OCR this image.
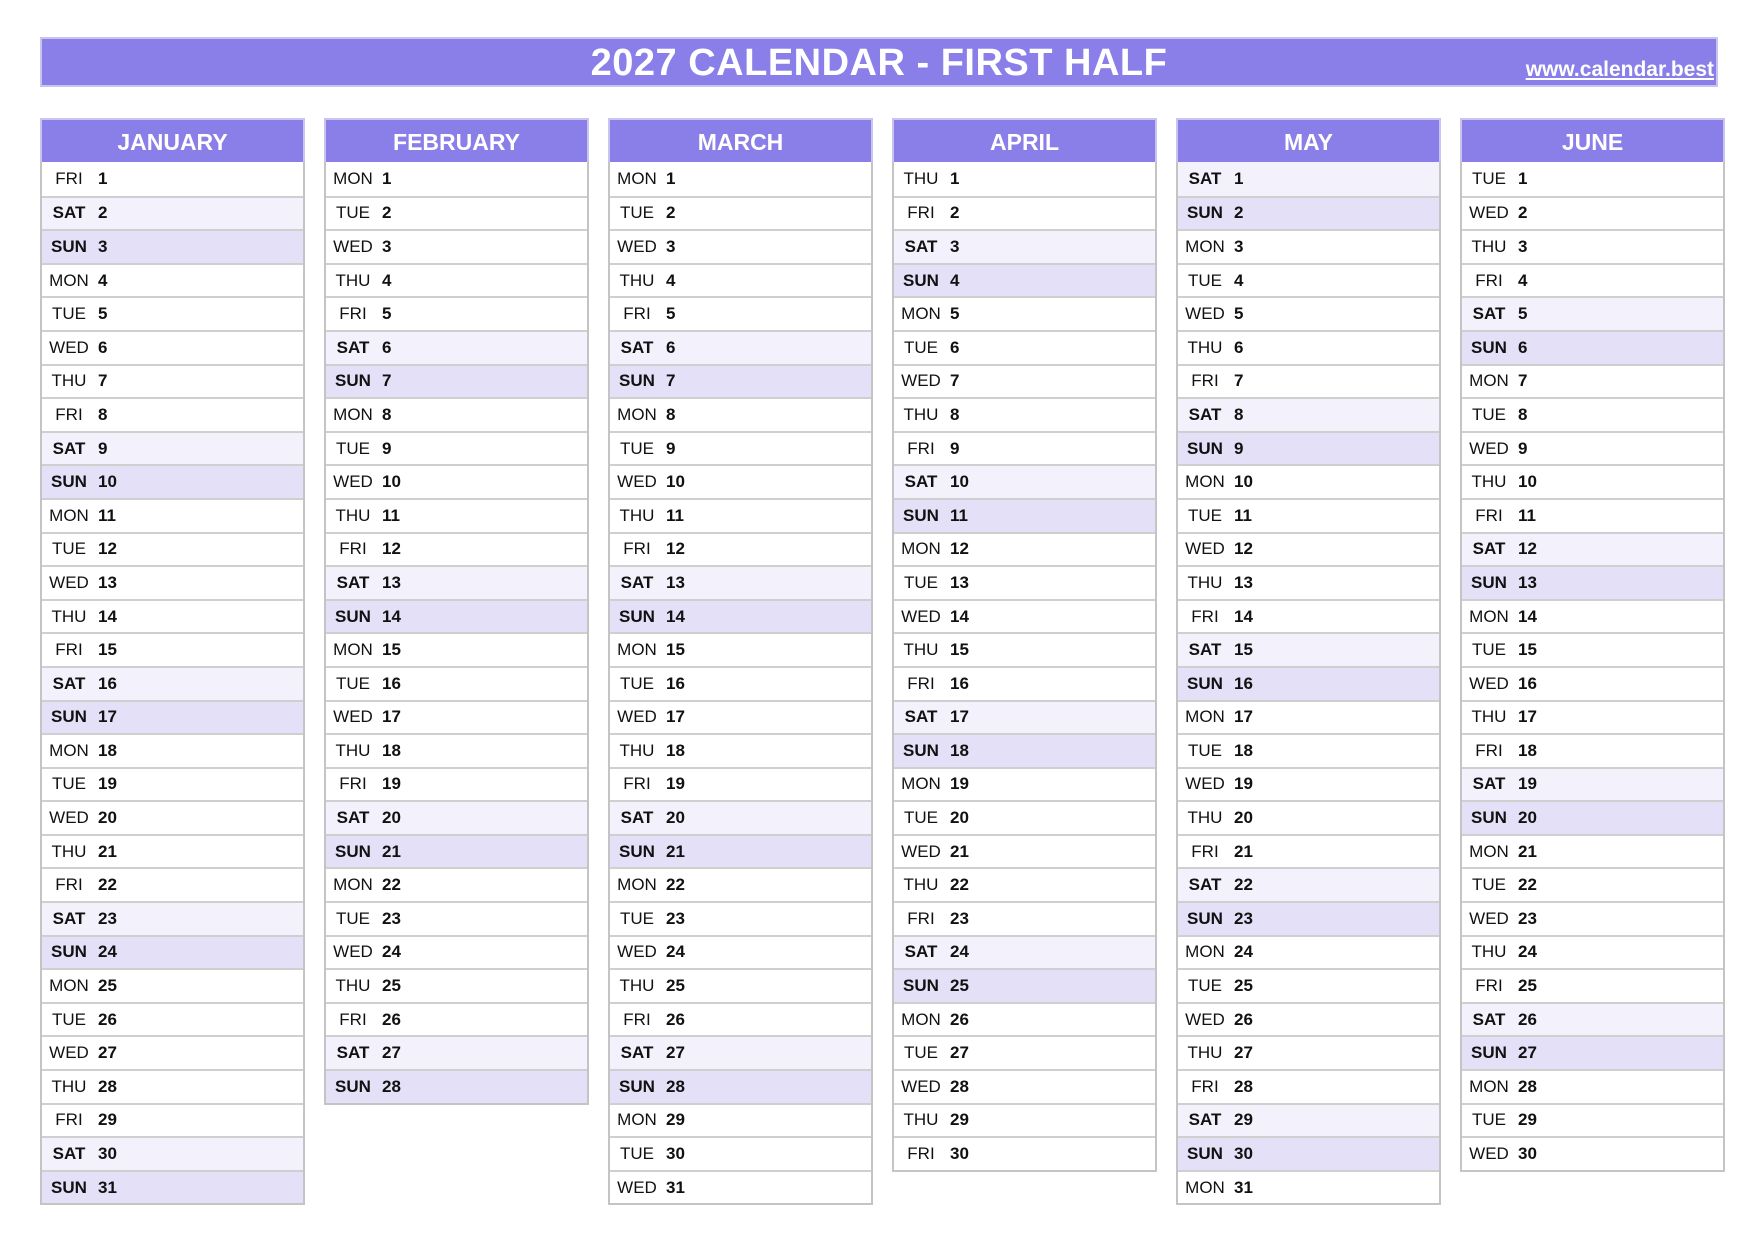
2027 CALENDAR - FIRST HALF	www.calendar.best
JANUARY
FRI 1
SAT 2
SUN 3
MON 4
TUE 5
WED 6
THU 7
FRI 8
SAT 9
SUN 10
MON 11
TUE 12
WED 13
THU 14
FRI 15
SAT 16
SUN 17
MON 18
TUE 19
WED 20
THU 21
FRI 22
SAT 23
SUN 24
MON 25
TUE 26
WED 27
THU 28
FRI 29
SAT 30
SUN 31
FEBRUARY
MON 1
TUE 2
WED 3
THU 4
FRI 5
SAT 6
SUN 7
MON 8
TUE 9
WED 10
THU 11
FRI 12
SAT 13
SUN 14
MON 15
TUE 16
WED 17
THU 18
FRI 19
SAT 20
SUN 21
MON 22
TUE 23
WED 24
THU 25
FRI 26
SAT 27
SUN 28
MARCH
MON 1
TUE 2
WED 3
THU 4
FRI 5
SAT 6
SUN 7
MON 8
TUE 9
WED 10
THU 11
FRI 12
SAT 13
SUN 14
MON 15
TUE 16
WED 17
THU 18
FRI 19
SAT 20
SUN 21
MON 22
TUE 23
WED 24
THU 25
FRI 26
SAT 27
SUN 28
MON 29
TUE 30
WED 31
APRIL
THU 1
FRI 2
SAT 3
SUN 4
MON 5
TUE 6
WED 7
THU 8
FRI 9
SAT 10
SUN 11
MON 12
TUE 13
WED 14
THU 15
FRI 16
SAT 17
SUN 18
MON 19
TUE 20
WED 21
THU 22
FRI 23
SAT 24
SUN 25
MON 26
TUE 27
WED 28
THU 29
FRI 30
MAY
SAT 1
SUN 2
MON 3
TUE 4
WED 5
THU 6
FRI 7
SAT 8
SUN 9
MON 10
TUE 11
WED 12
THU 13
FRI 14
SAT 15
SUN 16
MON 17
TUE 18
WED 19
THU 20
FRI 21
SAT 22
SUN 23
MON 24
TUE 25
WED 26
THU 27
FRI 28
SAT 29
SUN 30
MON 31
JUNE
TUE 1
WED 2
THU 3
FRI 4
SAT 5
SUN 6
MON 7
TUE 8
WED 9
THU 10
FRI 11
SAT 12
SUN 13
MON 14
TUE 15
WED 16
THU 17
FRI 18
SAT 19
SUN 20
MON 21
TUE 22
WED 23
THU 24
FRI 25
SAT 26
SUN 27
MON 28
TUE 29
WED 30
